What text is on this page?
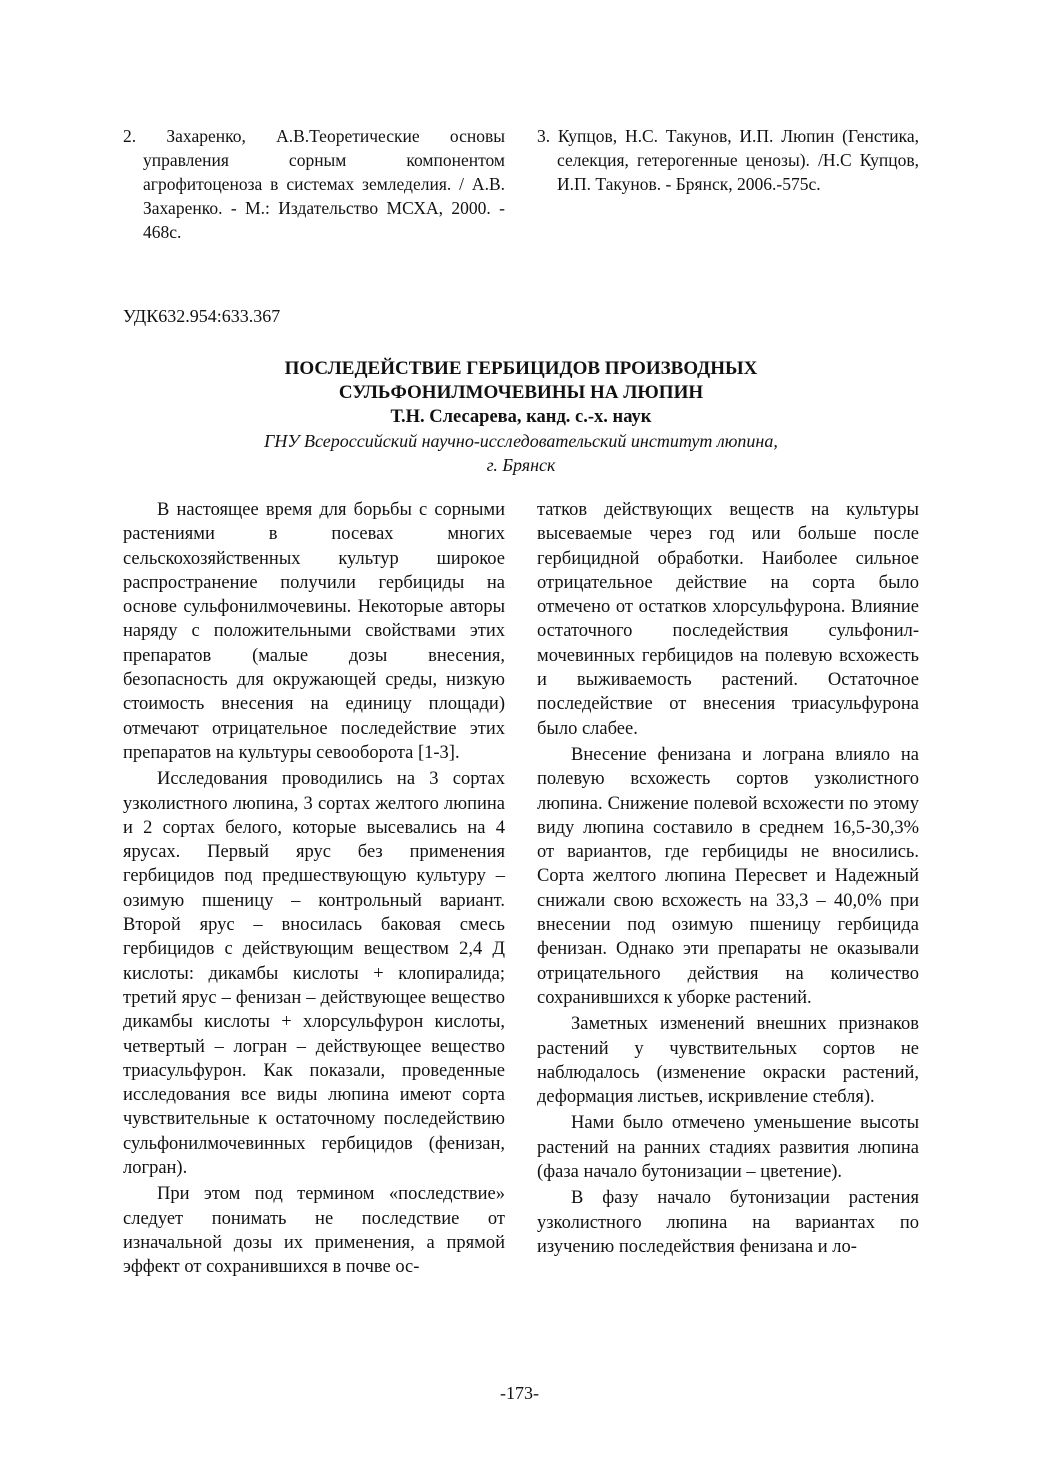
2. Захаренко, А.В.Теоретические основы управления сорным компонентом агрофитоценоза в системах земледелия. / А.В. Захаренко. - М.: Издательство МСХА, 2000. - 468с.

3. Купцов, Н.С. Такунов, И.П. Люпин (Генстика, селекция, гетерогенные ценозы). /Н.С Купцов, И.П. Такунов. - Брянск, 2006.-575с.

УДК632.954:633.367

ПОСЛЕДЕЙСТВИЕ ГЕРБИЦИДОВ ПРОИЗВОДНЫХ

СУЛЬФОНИЛМОЧЕВИНЫ НА ЛЮПИН

Т.Н. Слесарева, канд. с.-х. наук

ГНУ Всероссийский научно-исследовательский институт люпина,

г. Брянск

В настоящее время для борьбы с сорными растениями в посевах многих сельскохозяйственных культур широкое распространение получили гербициды на основе сульфонилмочевины. Некоторые авторы наряду с положительными свойствами этих препаратов (малые дозы внесения, безопасность для окружающей среды, низкую стоимость внесения на единицу площади) отмечают отрицательное последействие этих препаратов на культуры севооборота [1-3].

Исследования проводились на 3 сортах узколистного люпина, 3 сортах желтого люпина и 2 сортах белого, которые высевались на 4 ярусах. Первый ярус без применения гербицидов под предшествующую культуру – озимую пшеницу – контрольный вариант. Второй ярус – вносилась баковая смесь гербицидов с действующим веществом 2,4 Д кислоты: дикамбы кислоты + клопиралида; третий ярус – фенизан – действующее вещество дикамбы кислоты + хлорсульфурон кислоты, четвертый – логран – действующее вещество триасульфурон. Как показали, проведенные исследования все виды люпина имеют сорта чувствительные к остаточному последействию сульфонилмочевинных гербицидов (фенизан, логран).

При этом под термином «последствие» следует понимать не последствие от изначальной дозы их применения, а прямой эффект от сохранившихся в почве ос-

татков действующих веществ на культуры высеваемые через год или больше после гербицидной обработки. Наиболее сильное отрицательное действие на сорта было отмечено от остатков хлорсульфурона. Влияние остаточного последействия сульфонил-мочевинных гербицидов на полевую всхожесть и выживаемость растений. Остаточное последействие от внесения триасульфурона было слабее.

Внесение фенизана и логрaна влияло на полевую всхожесть сортов узколистного люпина. Снижение полевой всхожести по этому виду люпина составило в среднем 16,5-30,3% от вариантов, где гербициды не вносились. Сорта желтого люпина Пересвет и Надежный снижали свою всхожесть на 33,3 – 40,0% при внесении под озимую пшеницу гербицида фенизан. Однако эти препараты не оказывали отрицательного действия на количество сохранившихся к уборке растений.

Заметных изменений внешних признаков растений у чувствительных сортов не наблюдалось (изменение окраски растений, деформация листьев, искривление стебля).

Нами было отмечено уменьшение высоты растений на ранних стадиях развития люпина (фаза начало бутонизации – цветение).

В фазу начало бутонизации растения узколистного люпина на вариантах по изучению последействия фенизана и ло-

-173-
